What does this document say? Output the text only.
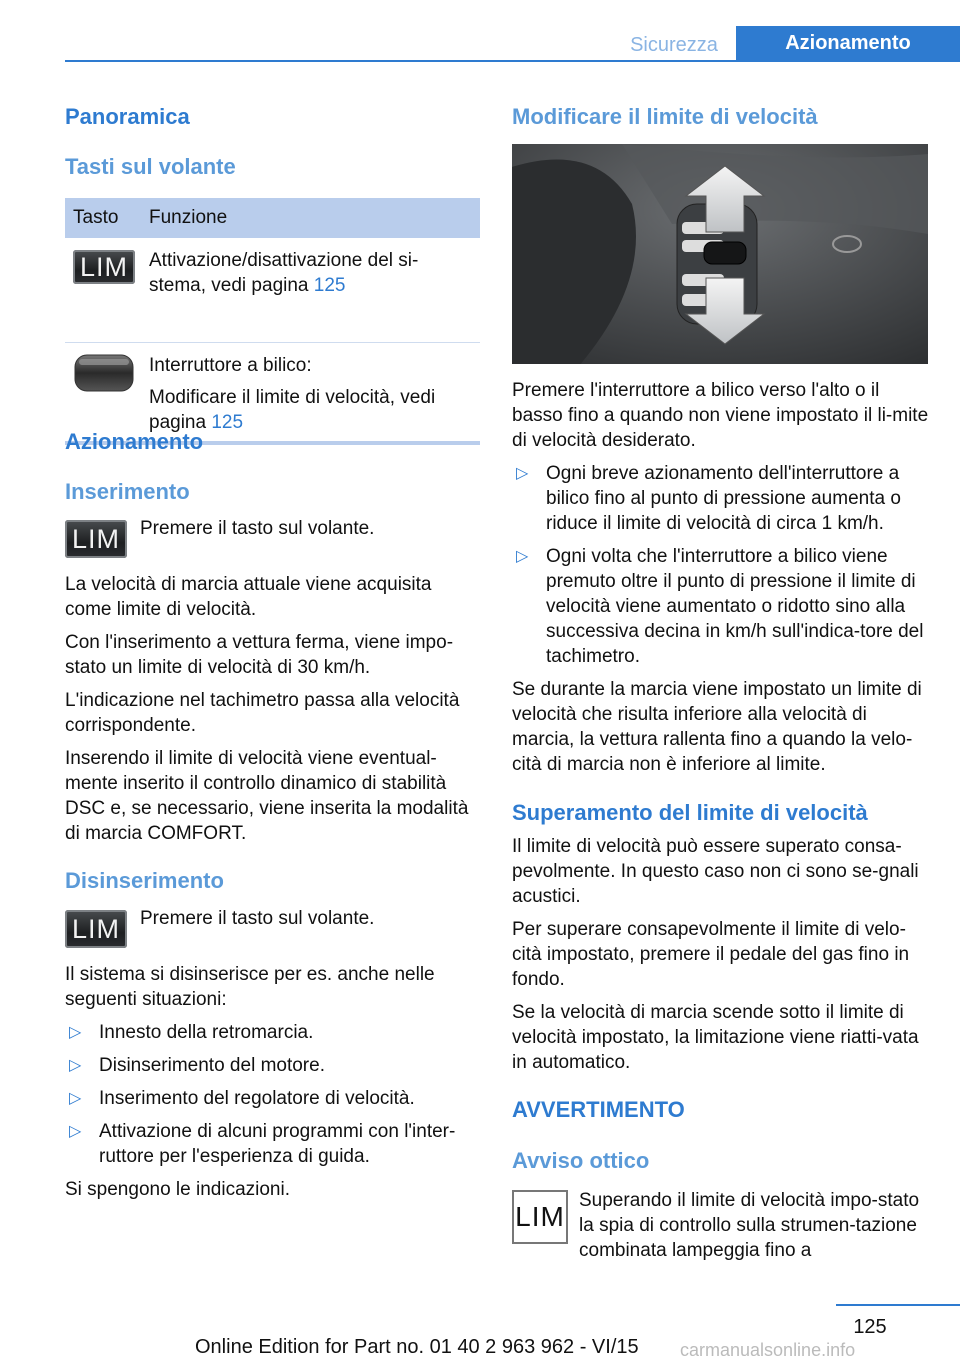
Sicurezza	Azionamento
Panoramica
Tasti sul volante
Tasto Funzione
LIM	Attivazione/disattivazione del si-
stema, vedi pagina 125
Interruttore a bilico:
Modificare il limite di velocità, vedi
pagina 125
Azionamento
Inserimento
LIM	Premere il tasto sul volante.

La velocità di marcia attuale viene acquisita come limite di velocità.

Con l'inserimento a vettura ferma, viene impo-stato un limite di velocità di 30 km/h.

L'indicazione nel tachimetro passa alla velocità corrispondente.

Inserendo il limite di velocità viene eventual-mente inserito il controllo dinamico di stabilità DSC e, se necessario, viene inserita la modalità di marcia COMFORT.

Disinserimento
LIM	Premere il tasto sul volante.

Il sistema si disinserisce per es. anche nelle seguenti situazioni:

▷ Innesto della retromarcia.
▷ Disinserimento del motore.
▷ Inserimento del regolatore di velocità.
▷ Attivazione di alcuni programmi con l'inter-ruttore per l'esperienza di guida.

Si spengono le indicazioni.

Modificare il limite di velocità

Premere l'interruttore a bilico verso l'alto o il basso fino a quando non viene impostato il li-mite di velocità desiderato.

▷ Ogni breve azionamento dell'interruttore a bilico fino al punto di pressione aumenta o riduce il limite di velocità di circa 1 km/h.
▷ Ogni volta che l'interruttore a bilico viene premuto oltre il punto di pressione il limite di velocità viene aumentato o ridotto sino alla successiva decina in km/h sull'indica-tore del tachimetro.

Se durante la marcia viene impostato un limite di velocità che risulta inferiore alla velocità di marcia, la vettura rallenta fino a quando la velo-cità di marcia non è inferiore al limite.

Superamento del limite di velocità

Il limite di velocità può essere superato consa-pevolmente. In questo caso non ci sono se-gnali acustici.

Per superare consapevolmente il limite di velo-cità impostato, premere il pedale del gas fino in fondo.

Se la velocità di marcia scende sotto il limite di velocità impostato, la limitazione viene riatti-vata in automatico.

AVVERTIMENTO
Avviso ottico
LIM
Superando il limite di velocità impo-stato la spia di controllo sulla strumen-tazione combinata lampeggia fino a
125
Online Edition for Part no. 01 40 2 963 962 - VI/15 carmanualsonline.info
